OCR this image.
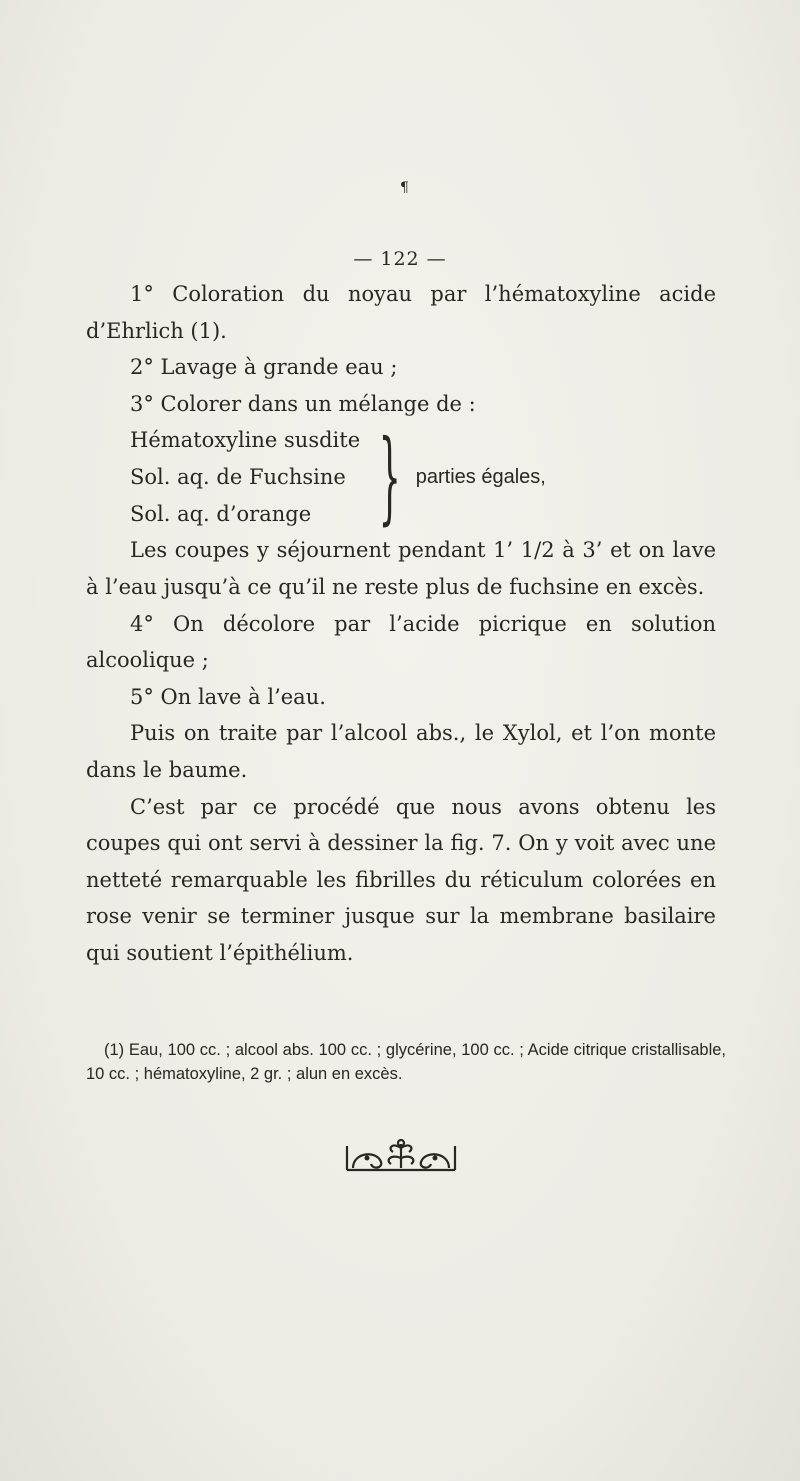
¶
— 122 —

1° Coloration du noyau par l’hématoxyline acide d’Ehrlich (1).

2° Lavage à grande eau ;

3° Colorer dans un mélange de :

Hématoxyline susdite
Sol. aq. de Fuchsine
Sol. aq. d’orange } parties égales,

Les coupes y séjournent pendant 1’ 1/2 à 3’ et on lave à l’eau jusqu’à ce qu’il ne reste plus de fuchsine en excès.

4° On décolore par l’acide picrique en solution alcoolique ;

5° On lave à l’eau.

Puis on traite par l’alcool abs., le Xylol, et l’on monte dans le baume.

C’est par ce procédé que nous avons obtenu les coupes qui ont servi à dessiner la fig. 7. On y voit avec une netteté remarquable les fibrilles du réticulum colorées en rose venir se terminer jusque sur la membrane basilaire qui soutient l’épithélium.

(1) Eau, 100 cc. ; alcool abs. 100 cc. ; glycérine, 100 cc. ; Acide citrique cristallisable, 10 cc. ; hématoxyline, 2 gr. ; alun en excès.
